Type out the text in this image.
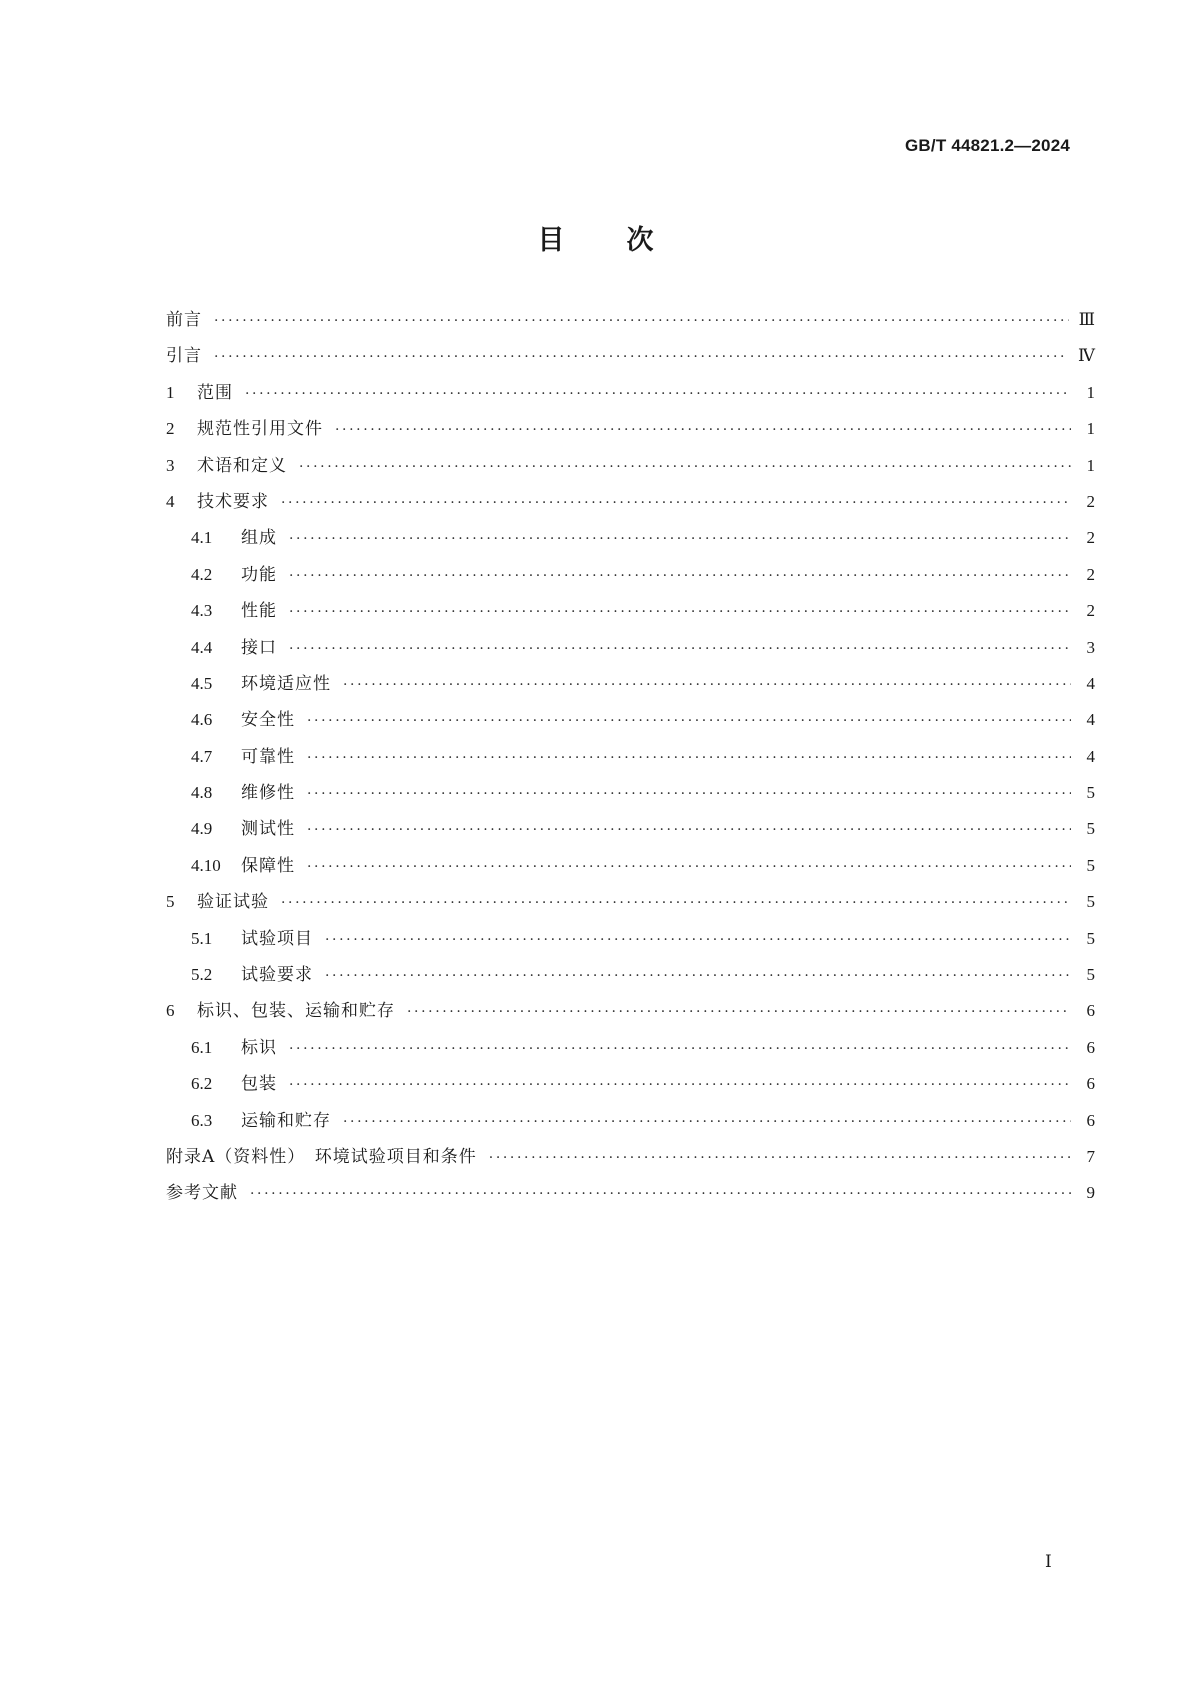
GB/T 44821.2—2024
目 次
前言 ·····	Ⅲ
引言 ·····	Ⅳ
1	范围 ·····	1
2	规范性引用文件 ·····	1
3	术语和定义 ·····	1
4	技术要求 ·····	2
4.1	组成 ·····	2
4.2	功能 ·····	2
4.3	性能 ·····	2
4.4	接口 ·····	3
4.5	环境适应性 ·····	4
4.6	安全性 ·····	4
4.7	可靠性 ·····	4
4.8	维修性 ·····	5
4.9	测试性 ·····	5
4.10	保障性 ·····	5
5	验证试验 ·····	5
5.1	试验项目 ·····	5
5.2	试验要求 ·····	5
6	标识、包装、运输和贮存 ·····	6
6.1	标识 ·····	6
6.2	包装 ·····	6
6.3	运输和贮存 ·····	6
附录A（资料性）　环境试验项目和条件 ·····	7
参考文献 ·····	9
Ⅰ
